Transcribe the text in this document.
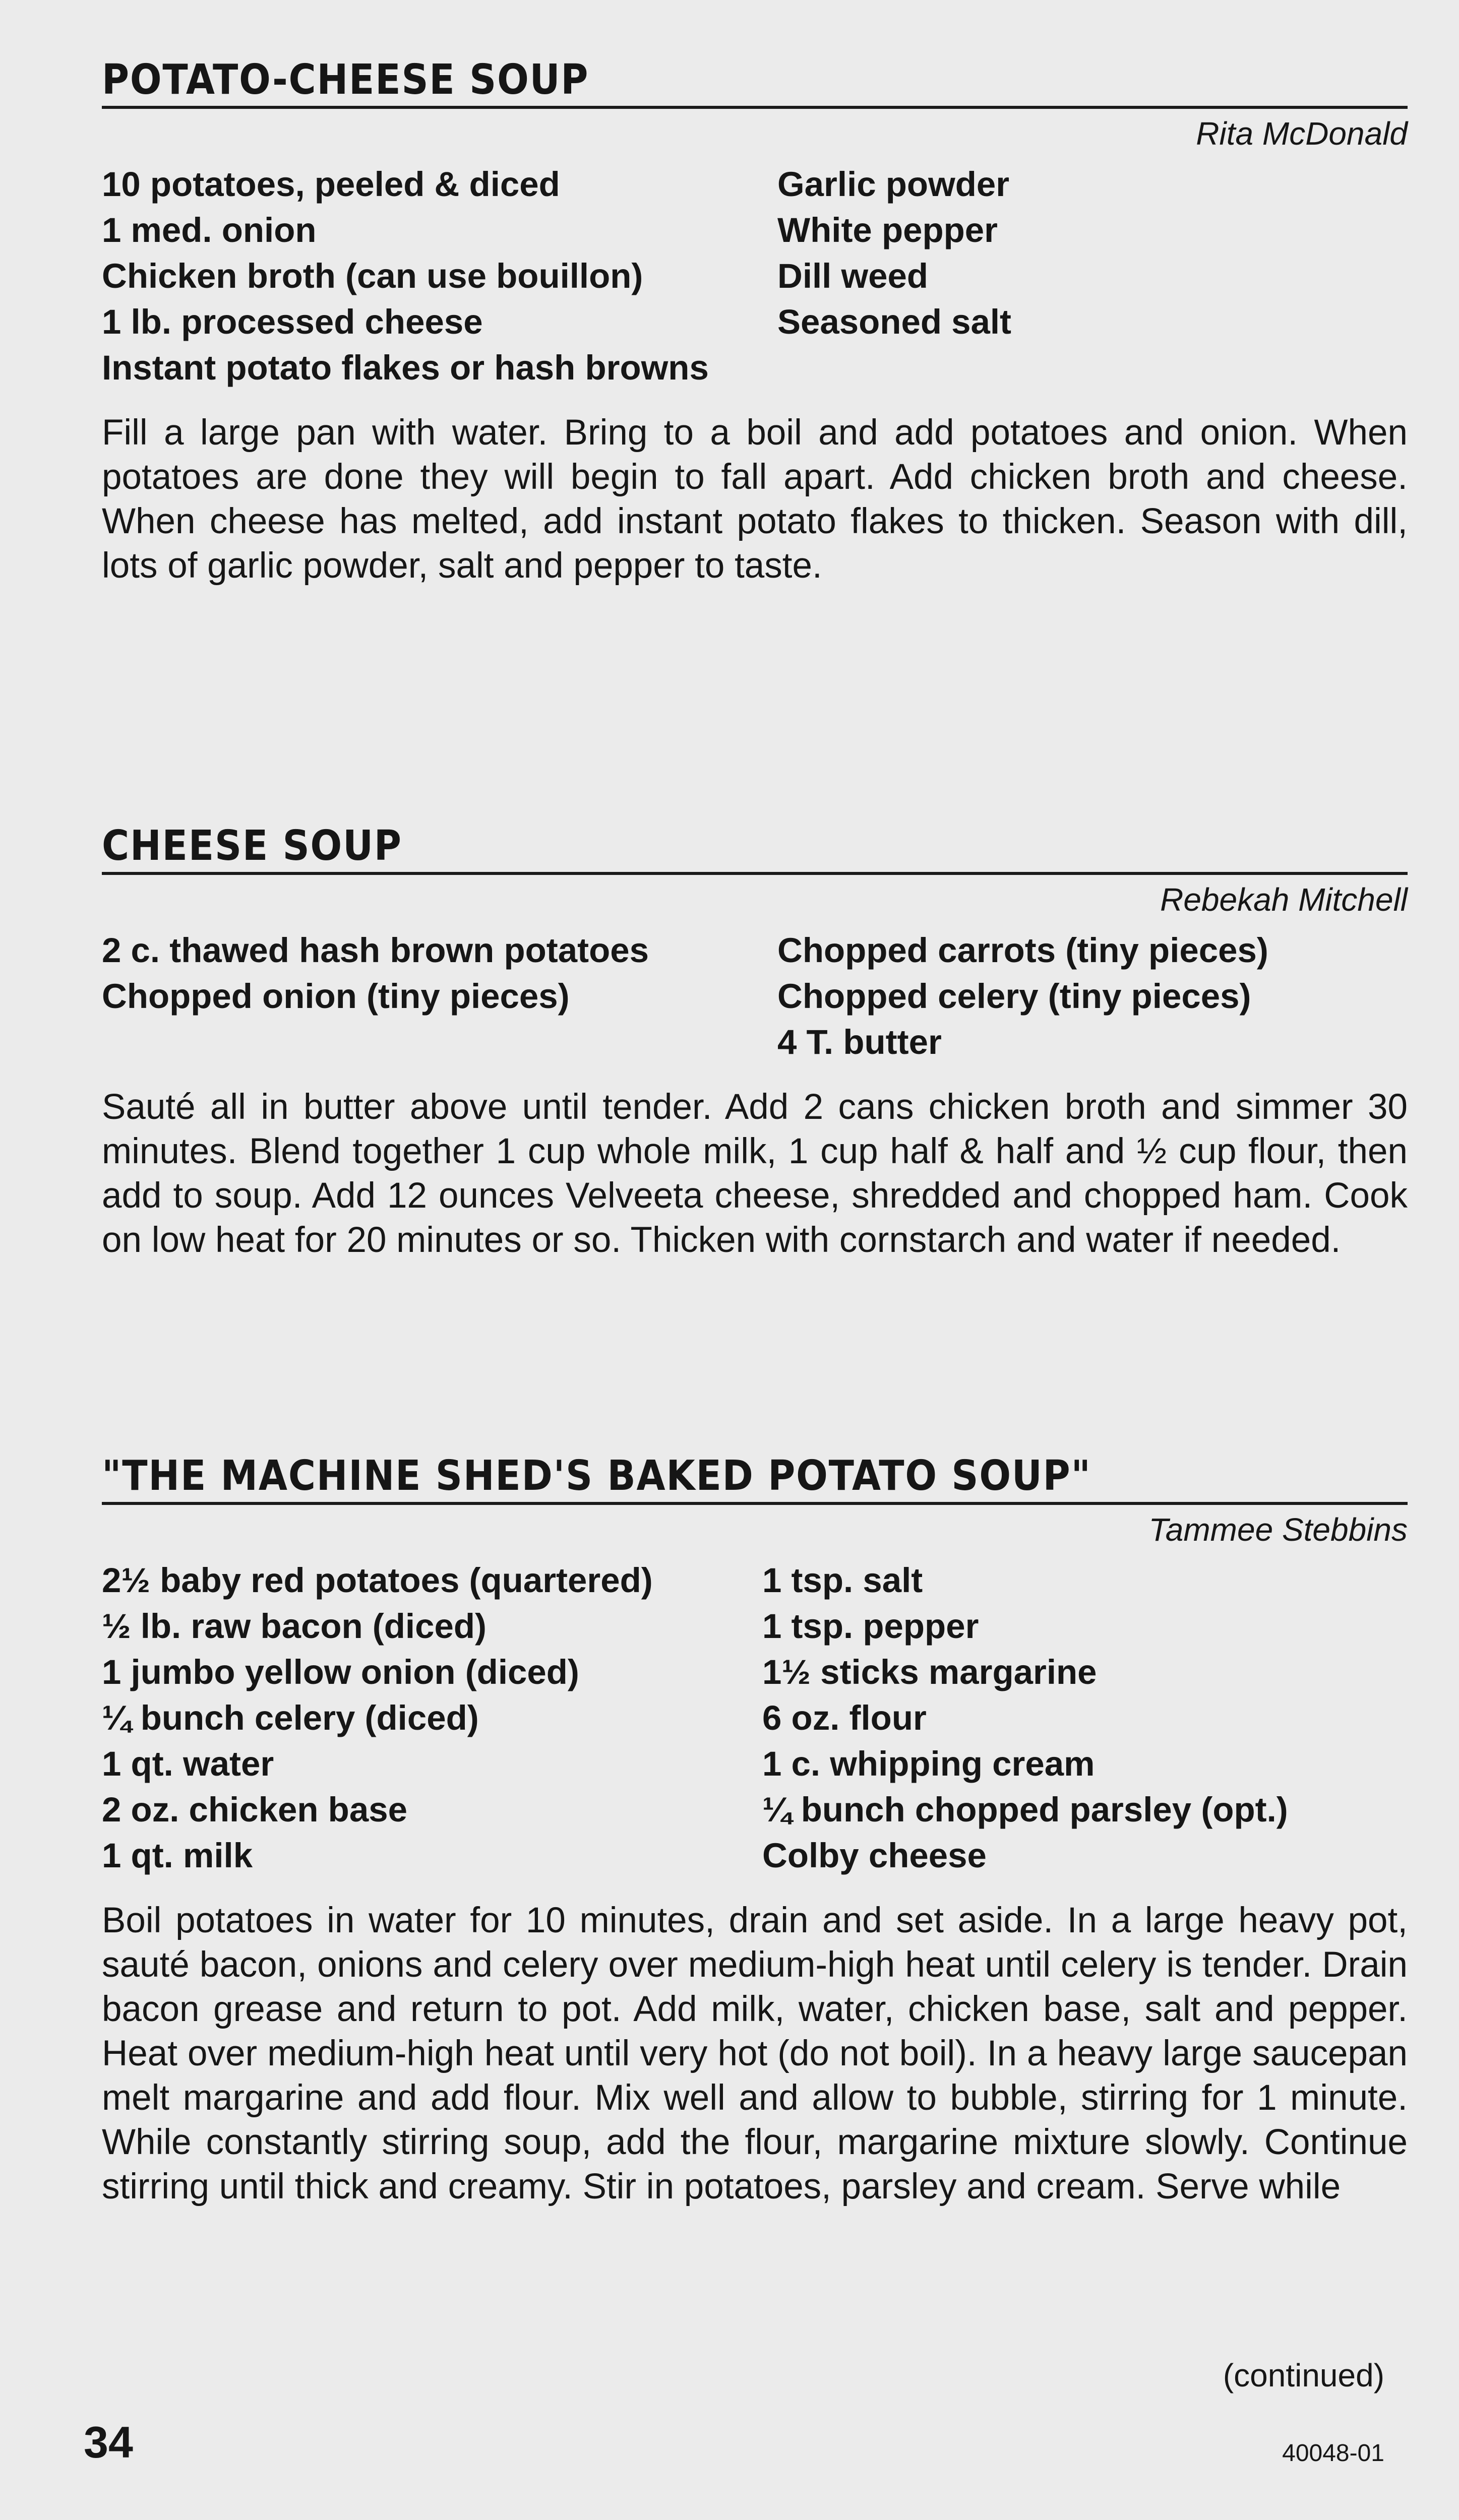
POTATO-CHEESE SOUP
Rita McDonald
10 potatoes, peeled & diced
1 med. onion
Chicken broth (can use bouillon)
1 lb. processed cheese
Instant potato flakes or hash browns
Garlic powder
White pepper
Dill weed
Seasoned salt

Fill a large pan with water. Bring to a boil and add potatoes and onion. When potatoes are done they will begin to fall apart. Add chicken broth and cheese. When cheese has melted, add instant potato flakes to thicken. Season with dill, lots of garlic powder, salt and pepper to taste.

CHEESE SOUP
Rebekah Mitchell
2 c. thawed hash brown potatoes
Chopped onion (tiny pieces)
Chopped carrots (tiny pieces)
Chopped celery (tiny pieces)
4 T. butter

Sauté all in butter above until tender. Add 2 cans chicken broth and simmer 30 minutes. Blend together 1 cup whole milk, 1 cup half & half and ½ cup flour, then add to soup. Add 12 ounces Velveeta cheese, shredded and chopped ham. Cook on low heat for 20 minutes or so. Thicken with cornstarch and water if needed.

"THE MACHINE SHED'S BAKED POTATO SOUP"
Tammee Stebbins
2½ baby red potatoes (quartered)
½ lb. raw bacon (diced)
1 jumbo yellow onion (diced)
¼ bunch celery (diced)
1 qt. water
2 oz. chicken base
1 qt. milk
1 tsp. salt
1 tsp. pepper
1½ sticks margarine
6 oz. flour
1 c. whipping cream
¼ bunch chopped parsley (opt.)
Colby cheese

Boil potatoes in water for 10 minutes, drain and set aside. In a large heavy pot, sauté bacon, onions and celery over medium-high heat until celery is tender. Drain bacon grease and return to pot. Add milk, water, chicken base, salt and pepper. Heat over medium-high heat until very hot (do not boil). In a heavy large saucepan melt margarine and add flour. Mix well and allow to bubble, stirring for 1 minute. While constantly stirring soup, add the flour, margarine mixture slowly. Continue stirring until thick and creamy. Stir in potatoes, parsley and cream. Serve while

(continued)
34	40048-01
